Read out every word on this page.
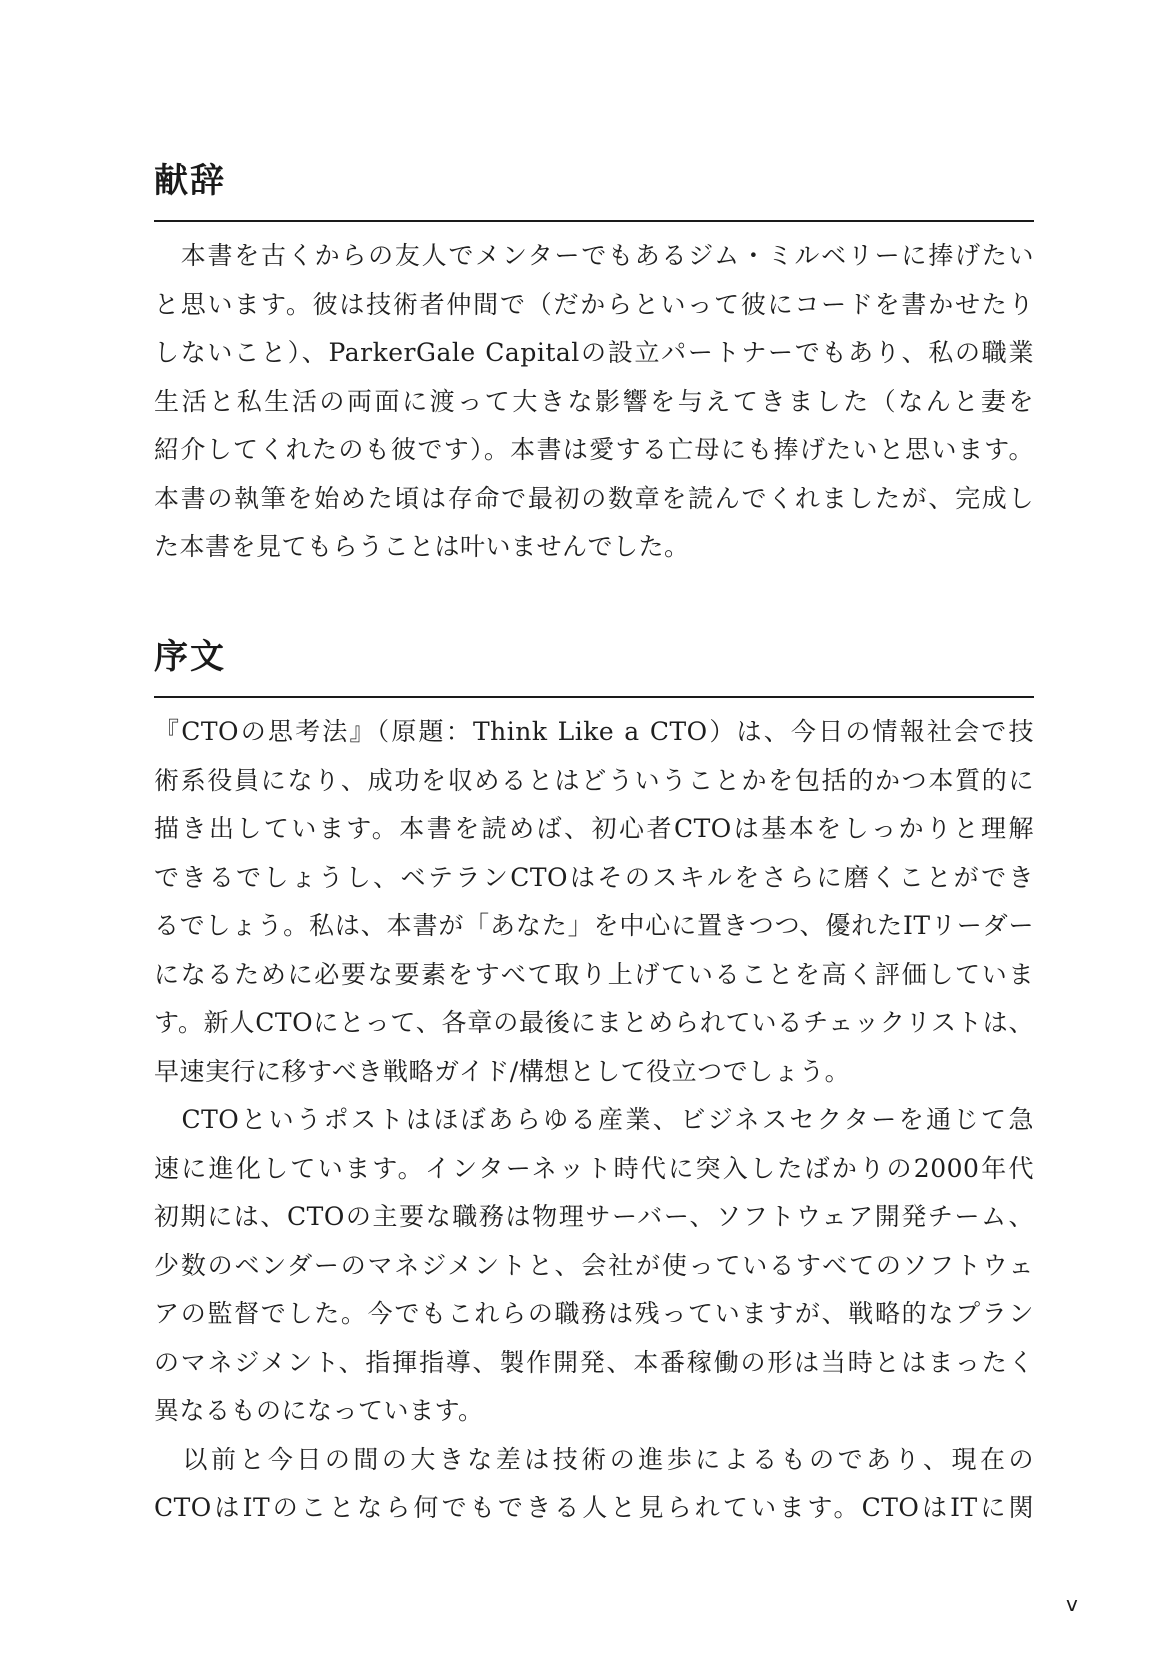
献辞
　本書を古くからの友人でメンターでもあるジム・ミルベリーに捧げたい
と思います。彼は技術者仲間で（だからといって彼にコードを書かせたり
しないこと）、ParkerGale Capitalの設立パートナーでもあり、私の職業
生活と私生活の両面に渡って大きな影響を与えてきました（なんと妻を
紹介してくれたのも彼です）。本書は愛する亡母にも捧げたいと思います。
本書の執筆を始めた頃は存命で最初の数章を読んでくれましたが、完成し
た本書を見てもらうことは叶いませんでした。
序文
『CTOの思考法』（原題：Think Like a CTO）は、今日の情報社会で技
術系役員になり、成功を収めるとはどういうことかを包括的かつ本質的に
描き出しています。本書を読めば、初心者CTOは基本をしっかりと理解
できるでしょうし、ベテランCTOはそのスキルをさらに磨くことができ
るでしょう。私は、本書が「あなた」を中心に置きつつ、優れたITリーダー
になるために必要な要素をすべて取り上げていることを高く評価していま
す。新人CTOにとって、各章の最後にまとめられているチェックリストは、
早速実行に移すべき戦略ガイド/構想として役立つでしょう。
　CTOというポストはほぼあらゆる産業、ビジネスセクターを通じて急
速に進化しています。インターネット時代に突入したばかりの2000年代
初期には、CTOの主要な職務は物理サーバー、ソフトウェア開発チーム、
少数のベンダーのマネジメントと、会社が使っているすべてのソフトウェ
アの監督でした。今でもこれらの職務は残っていますが、戦略的なプラン
のマネジメント、指揮指導、製作開発、本番稼働の形は当時とはまったく
異なるものになっています。
　以前と今日の間の大きな差は技術の進歩によるものであり、現在の
CTOはITのことなら何でもできる人と見られています。CTOはITに関
v
